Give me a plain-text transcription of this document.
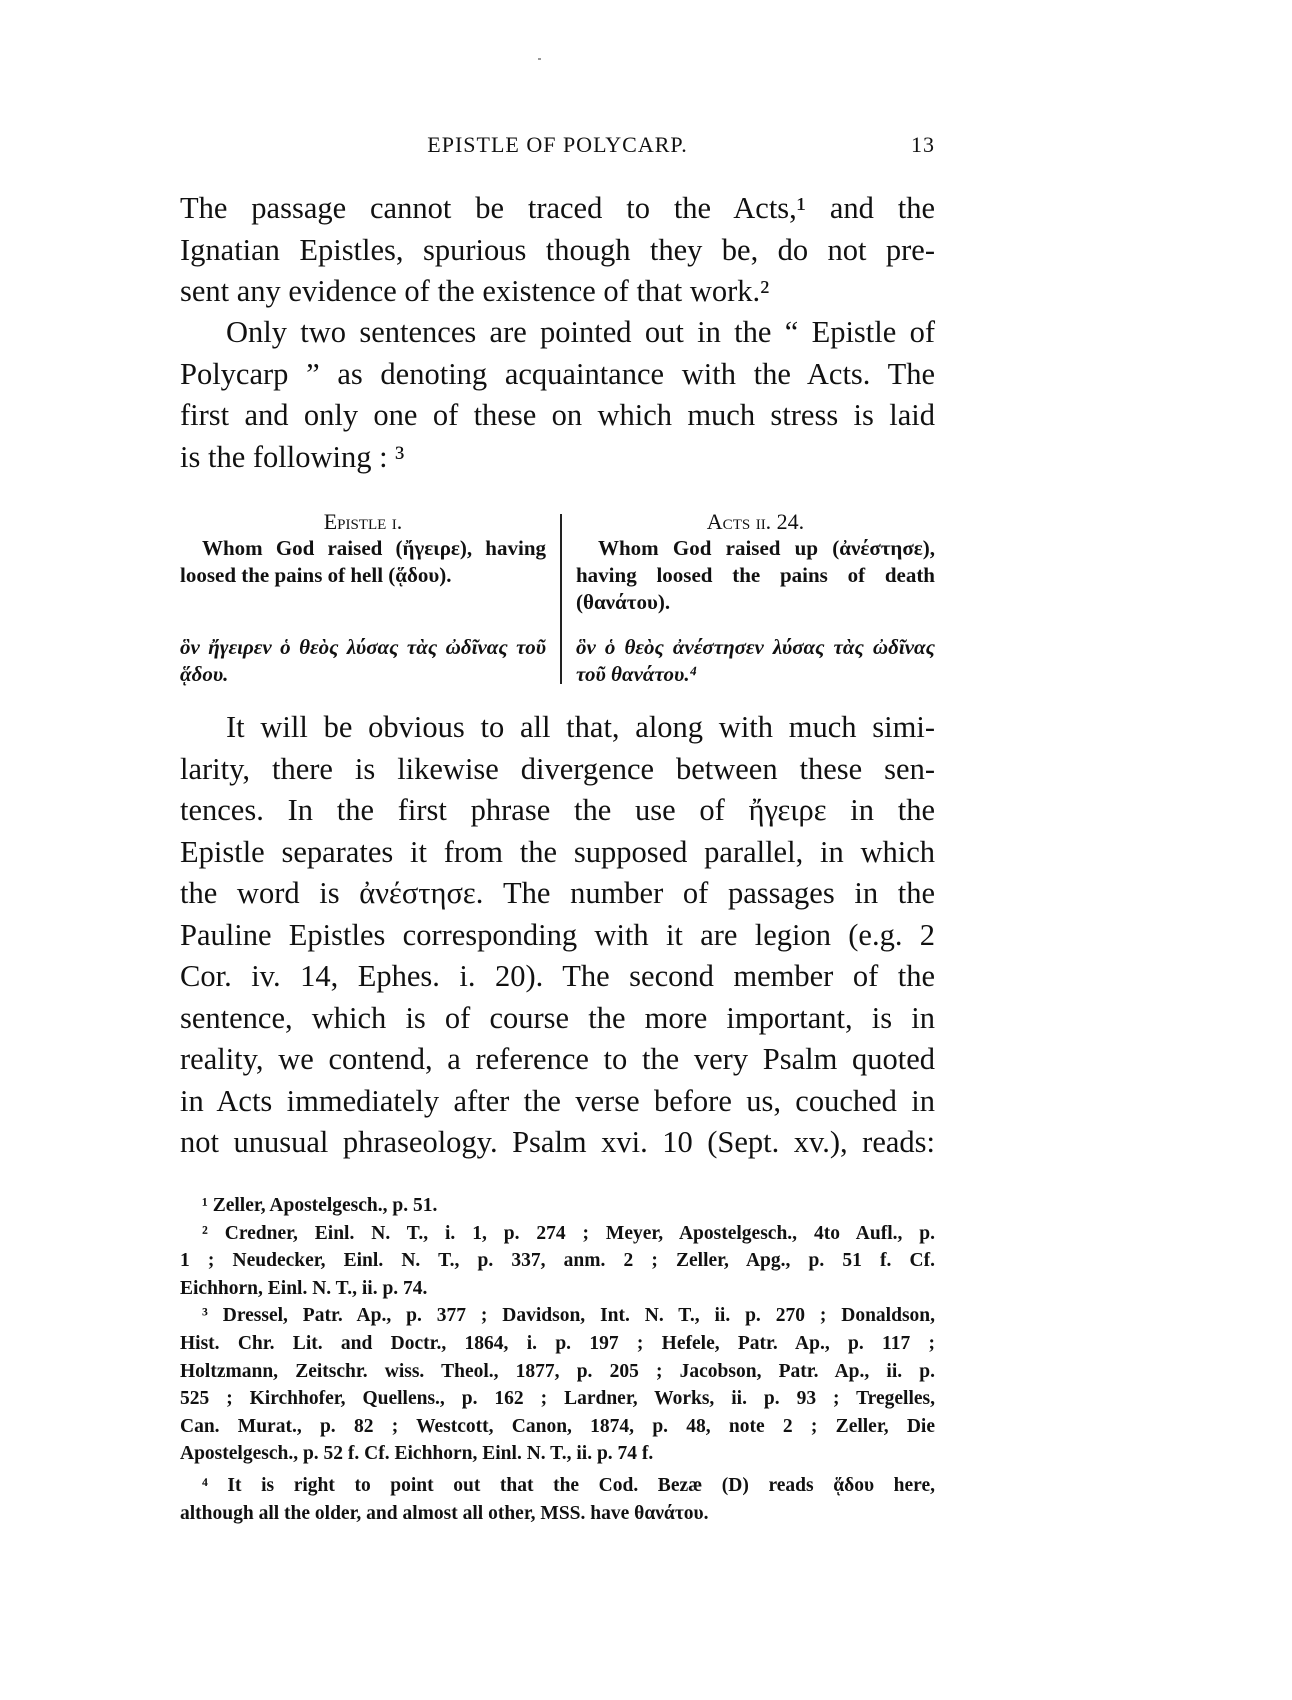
EPISTLE OF POLYCARP.	13
The passage cannot be traced to the Acts,¹ and the
Ignatian Epistles, spurious though they be, do not pre-
sent any evidence of the existence of that work.²
Only two sentences are pointed out in the “ Epistle of
Polycarp ” as denoting acquaintance with the Acts. The
first and only one of these on which much stress is laid
is the following : ³
Epistle i.
Whom God raised (ἤγειρε), having
loosed the pains of hell (ᾅδου).
ὃν ἤγειρεν ὁ θεὸς λύσας τὰς ὠδῖνας τοῦ
ᾅδου.
Acts ii. 24.
Whom God raised up (ἀνέστησε),
having loosed the pains of death
(θανάτου).
ὃν ὁ θεὸς ἀνέστησεν λύσας τὰς ὠδῖνας
τοῦ θανάτου.⁴
It will be obvious to all that, along with much simi-
larity, there is likewise divergence between these sen-
tences. In the first phrase the use of ἤγειρε in the
Epistle separates it from the supposed parallel, in which
the word is ἀνέστησε. The number of passages in the
Pauline Epistles corresponding with it are legion (e.g. 2
Cor. iv. 14, Ephes. i. 20). The second member of the
sentence, which is of course the more important, is in
reality, we contend, a reference to the very Psalm quoted
in Acts immediately after the verse before us, couched in
not unusual phraseology. Psalm xvi. 10 (Sept. xv.), reads:
¹ Zeller, Apostelgesch., p. 51.
² Credner, Einl. N. T., i. 1, p. 274 ; Meyer, Apostelgesch., 4to Aufl., p.
1 ; Neudecker, Einl. N. T., p. 337, anm. 2 ; Zeller, Apg., p. 51 f. Cf.
Eichhorn, Einl. N. T., ii. p. 74.
³ Dressel, Patr. Ap., p. 377 ; Davidson, Int. N. T., ii. p. 270 ; Donaldson,
Hist. Chr. Lit. and Doctr., 1864, i. p. 197 ; Hefele, Patr. Ap., p. 117 ;
Holtzmann, Zeitschr. wiss. Theol., 1877, p. 205 ; Jacobson, Patr. Ap., ii. p.
525 ; Kirchhofer, Quellens., p. 162 ; Lardner, Works, ii. p. 93 ; Tregelles,
Can. Murat., p. 82 ; Westcott, Canon, 1874, p. 48, note 2 ; Zeller, Die
Apostelgesch., p. 52 f. Cf. Eichhorn, Einl. N. T., ii. p. 74 f.
⁴ It is right to point out that the Cod. Bezæ (D) reads ᾅδου here,
although all the older, and almost all other, MSS. have θανάτου.
